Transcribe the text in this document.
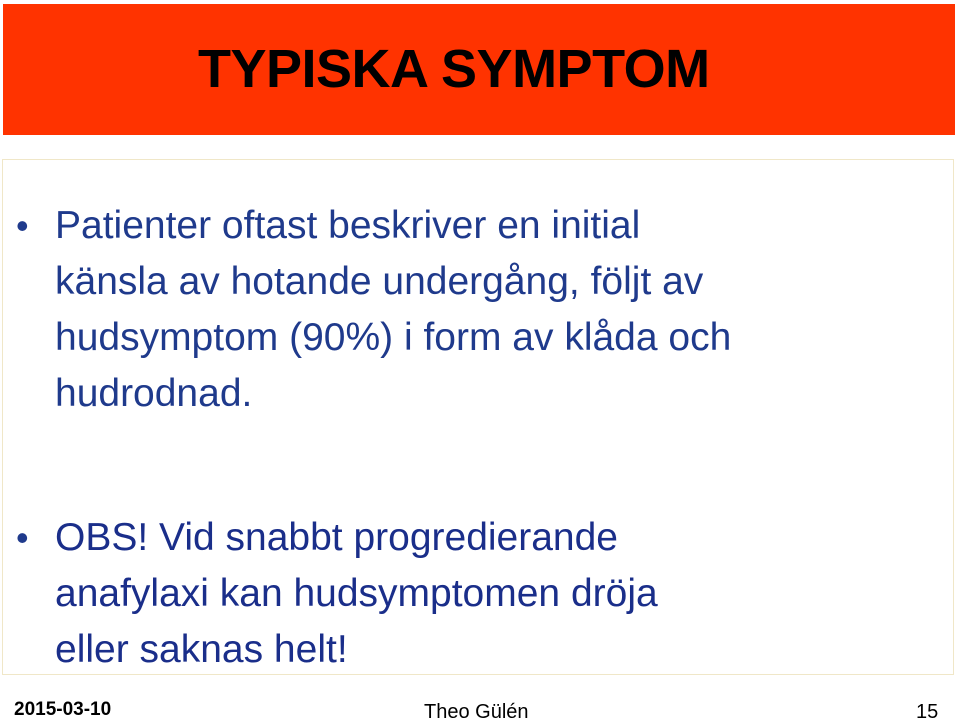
TYPISKA SYMPTOM
• Patienter oftast beskriver en initial
känsla av hotande undergång, följt av
hudsymptom (90%) i form av klåda och
hudrodnad.
• OBS! Vid snabbt progredierande
anafylaxi kan hudsymptomen dröja
eller saknas helt!
2015-03-10	Theo Gülén	15
